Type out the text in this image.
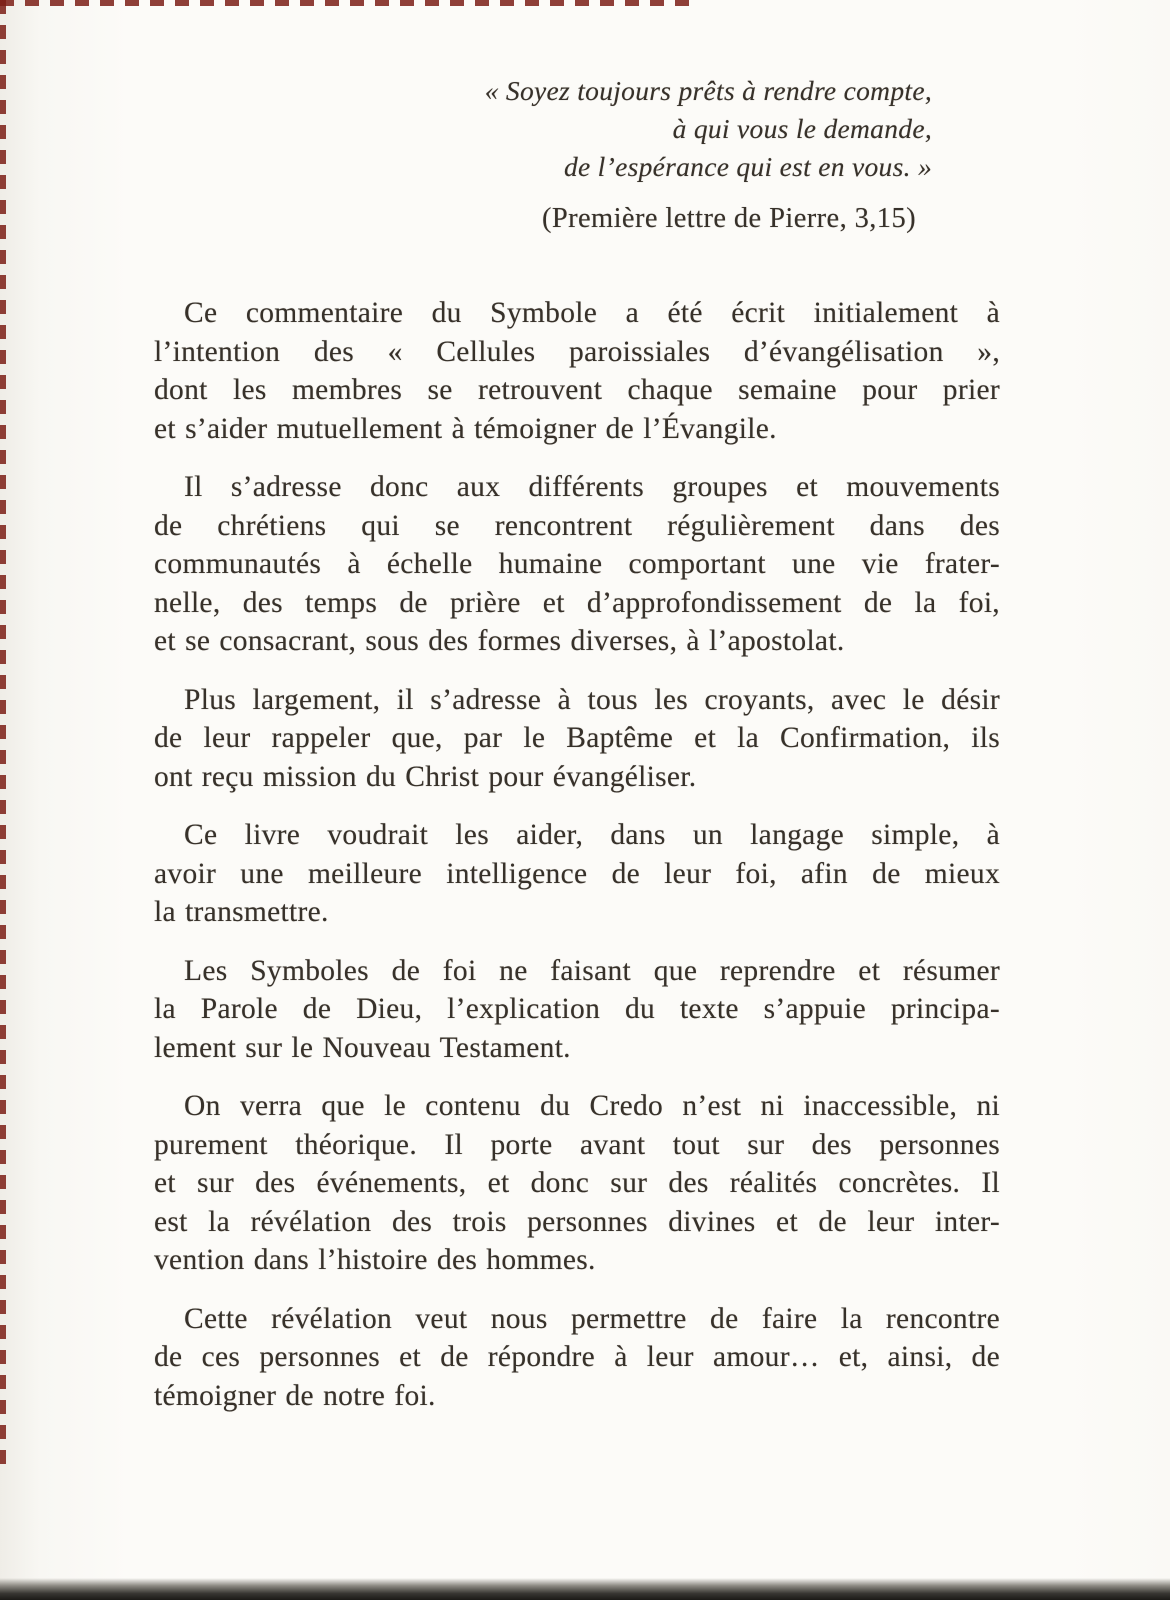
« Soyez toujours prêts à rendre compte,
à qui vous le demande,
de l’espérance qui est en vous. »
(Première lettre de Pierre, 3,15)

Ce commentaire du Symbole a été écrit initialement à
l’intention des « Cellules paroissiales d’évangélisation »,
dont les membres se retrouvent chaque semaine pour prier
et s’aider mutuellement à témoigner de l’Évangile.

Il s’adresse donc aux différents groupes et mouvements
de chrétiens qui se rencontrent régulièrement dans des
communautés à échelle humaine comportant une vie frater-
nelle, des temps de prière et d’approfondissement de la foi,
et se consacrant, sous des formes diverses, à l’apostolat.

Plus largement, il s’adresse à tous les croyants, avec le désir
de leur rappeler que, par le Baptême et la Confirmation, ils
ont reçu mission du Christ pour évangéliser.

Ce livre voudrait les aider, dans un langage simple, à
avoir une meilleure intelligence de leur foi, afin de mieux
la transmettre.

Les Symboles de foi ne faisant que reprendre et résumer
la Parole de Dieu, l’explication du texte s’appuie principa-
lement sur le Nouveau Testament.

On verra que le contenu du Credo n’est ni inaccessible, ni
purement théorique. Il porte avant tout sur des personnes
et sur des événements, et donc sur des réalités concrètes. Il
est la révélation des trois personnes divines et de leur inter-
vention dans l’histoire des hommes.

Cette révélation veut nous permettre de faire la rencontre
de ces personnes et de répondre à leur amour… et, ainsi, de
témoigner de notre foi.
